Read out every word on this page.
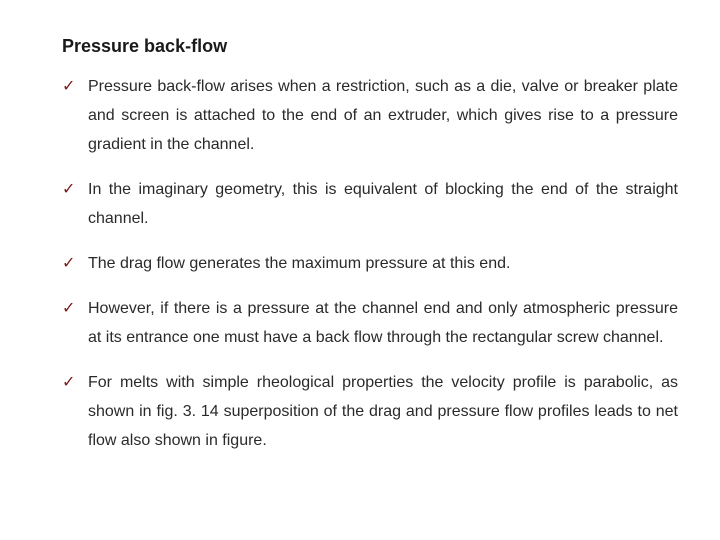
Pressure back-flow
✓ Pressure back-flow arises when a restriction, such as a die, valve or breaker plate and screen is attached to the end of an extruder, which gives rise to a pressure gradient in the channel.
✓ In the imaginary geometry, this is equivalent of blocking the end of the straight channel.
✓ The drag flow generates the maximum pressure at this end.
✓ However, if there is a pressure at the channel end and only atmospheric pressure at its entrance one must have a back flow through the rectangular screw channel.
✓ For melts with simple rheological properties the velocity profile is parabolic, as shown in fig. 3. 14 superposition of the drag and pressure flow profiles leads to net flow also shown in figure.
